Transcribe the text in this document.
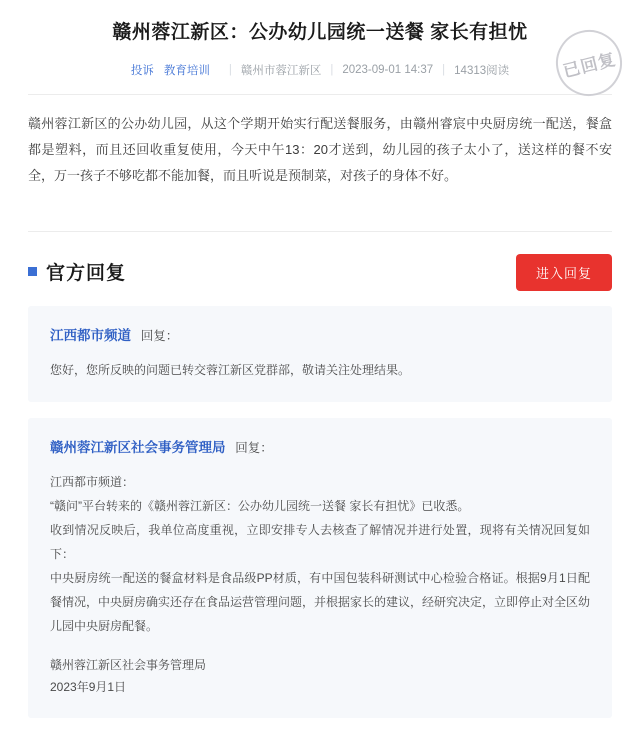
已回复
赣州蓉江新区：公办幼儿园统一送餐 家长有担忧
投诉 教育培训 | 赣州市蓉江新区 | 2023-09-01 14:37 | 14313阅读
赣州蓉江新区的公办幼儿园，从这个学期开始实行配送餐服务，由赣州睿宸中央厨房统一配送，餐盒都是塑料，而且还回收重复使用，今天中午13：20才送到，幼儿园的孩子太小了，送这样的餐不安全，万一孩子不够吃都不能加餐，而且听说是预制菜，对孩子的身体不好。
官方回复	进入回复
江西都市频道 回复：

您好，您所反映的问题已转交蓉江新区党群部，敬请关注处理结果。

赣州蓉江新区社会事务管理局 回复：

江西都市频道：

“赣问”平台转来的《赣州蓉江新区：公办幼儿园统一送餐 家长有担忧》已收悉。

收到情况反映后，我单位高度重视，立即安排专人去核查了解情况并进行处置，现将有关情况回复如下：

中央厨房统一配送的餐盒材料是食品级PP材质，有中国包装科研测试中心检验合格证。根据9月1日配餐情况，中央厨房确实还存在食品运营管理问题，并根据家长的建议，经研究决定，立即停止对全区幼儿园中央厨房配餐。

赣州蓉江新区社会事务管理局
2023年9月1日
